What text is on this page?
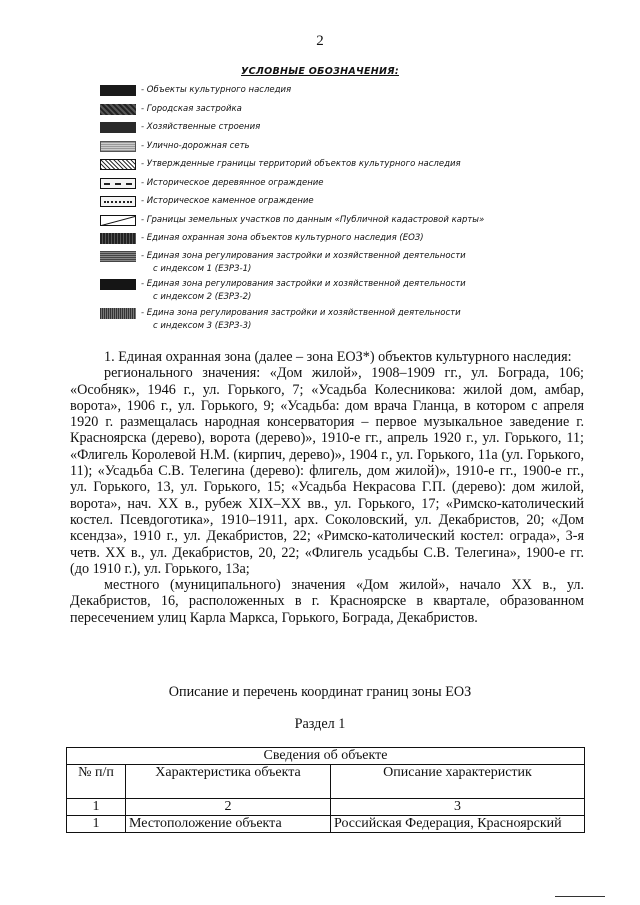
2
УСЛОВНЫЕ ОБОЗНАЧЕНИЯ:
- Объекты культурного наследия
- Городская застройка
- Хозяйственные строения
- Улично-дорожная сеть
- Утвержденные границы территорий объектов культурного наследия
- Историческое деревянное ограждение
- Историческое каменное ограждение
- Границы земельных участков по данным «Публичной кадастровой карты»
- Единая охранная зона объектов культурного наследия (ЕОЗ)
- Единая зона регулирования застройки и хозяйственной деятельности
с индексом 1 (ЕЗРЗ-1)
- Единая зона регулирования застройки и хозяйственной деятельности
с индексом 2 (ЕЗРЗ-2)
- Едина зона регулирования застройки и хозяйственной деятельности
с индексом 3 (ЕЗРЗ-3)

1. Единая охранная зона (далее – зона ЕОЗ*) объектов культурного наследия:

регионального значения: «Дом жилой», 1908–1909 гг., ул. Бограда, 106; «Особняк», 1946 г., ул. Горького, 7; «Усадьба Колесникова: жилой дом, амбар, ворота», 1906 г., ул. Горького, 9; «Усадьба: дом врача Гланца, в котором с апреля 1920 г. размещалась народная консерватория – первое музыкальное заведение г. Красноярска (дерево), ворота (дерево)», 1910-е гг., апрель 1920 г., ул. Горького, 11; «Флигель Королевой Н.М. (кирпич, дерево)», 1904 г., ул. Горького, 11а (ул. Горького, 11); «Усадьба С.В. Телегина (дерево): флигель, дом жилой)», 1910-е гг., 1900-е гг., ул. Горького, 13, ул. Горького, 15; «Усадьба Некрасова Г.П. (дерево): дом жилой, ворота», нач. XX в., рубеж XIX–XX вв., ул. Горького, 17; «Римско-католический костел. Псевдоготика», 1910–1911, арх. Соколовский, ул. Декабристов, 20; «Дом ксендза», 1910 г., ул. Декабристов, 22; «Римско-католический костел: ограда», 3-я четв. XX в., ул. Декабристов, 20, 22; «Флигель усадьбы С.В. Телегина», 1900-е гг. (до 1910 г.), ул. Горького, 13а;

местного (муниципального) значения «Дом жилой», начало XX в., ул. Декабристов, 16, расположенных в г. Красноярске в квартале, образованном пересечением улиц Карла Маркса, Горького, Бограда, Декабристов.

Описание и перечень координат границ зоны ЕОЗ
Раздел 1
Сведения об объекте		
№ п/п	Характеристика объекта	Описание характеристик
1	2	3
1	Местоположение объекта	Российская Федерация, Красноярский
